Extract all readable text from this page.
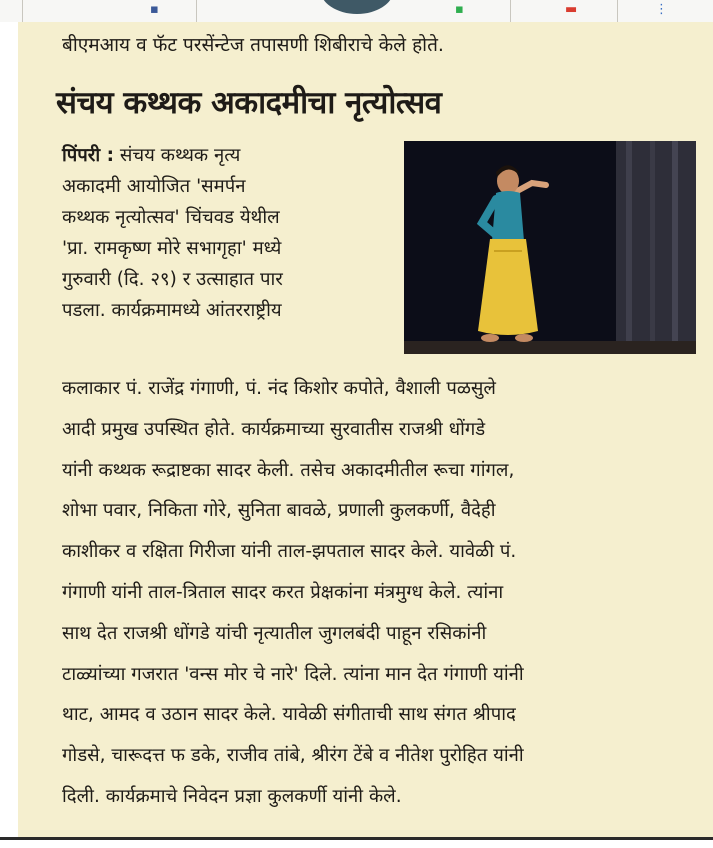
▪	▪	▬	⋮
बीएमआय व फॅट परसेंन्टेज तपासणी शिबीराचे केले होते.
संचय कथ्थक अकादमीचा नृत्योत्सव
पिंपरी : संचय कथ्थक नृत्य
अकादमी आयोजित 'समर्पन
कथ्थक नृत्योत्सव' चिंचवड येथील
'प्रा. रामकृष्ण मोरे सभागृहा' मध्ये
गुरुवारी (दि. २९) र उत्साहात पार
पडला. कार्यक्रमामध्ये आंतरराष्ट्रीय
कलाकार पं. राजेंद्र गंगाणी, पं. नंद किशोर कपोते, वैशाली पळसुले
आदी प्रमुख उपस्थित होते. कार्यक्रमाच्या सुरवातीस राजश्री धोंगडे
यांनी कथ्थक रूद्राष्टका सादर केली. तसेच अकादमीतील रूचा गांगल,
शोभा पवार, निकिता गोरे, सुनिता बावळे, प्रणाली कुलकर्णी, वैदेही
काशीकर व रक्षिता गिरीजा यांनी ताल-झपताल सादर केले. यावेळी पं.
गंगाणी यांनी ताल-त्रिताल सादर करत प्रेक्षकांना मंत्रमुग्ध केले. त्यांना
साथ देत राजश्री धोंगडे यांची नृत्यातील जुगलबंदी पाहून रसिकांनी
टाळ्यांच्या गजरात 'वन्स मोर चे नारे' दिले. त्यांना मान देत गंगाणी यांनी
थाट, आमद व उठान सादर केले. यावेळी संगीताची साथ संगत श्रीपाद
गोडसे, चारूदत्त फ डके, राजीव तांबे, श्रीरंग टेंबे व नीतेश पुरोहित यांनी
दिली. कार्यक्रमाचे निवेदन प्रज्ञा कुलकर्णी यांनी केले.
